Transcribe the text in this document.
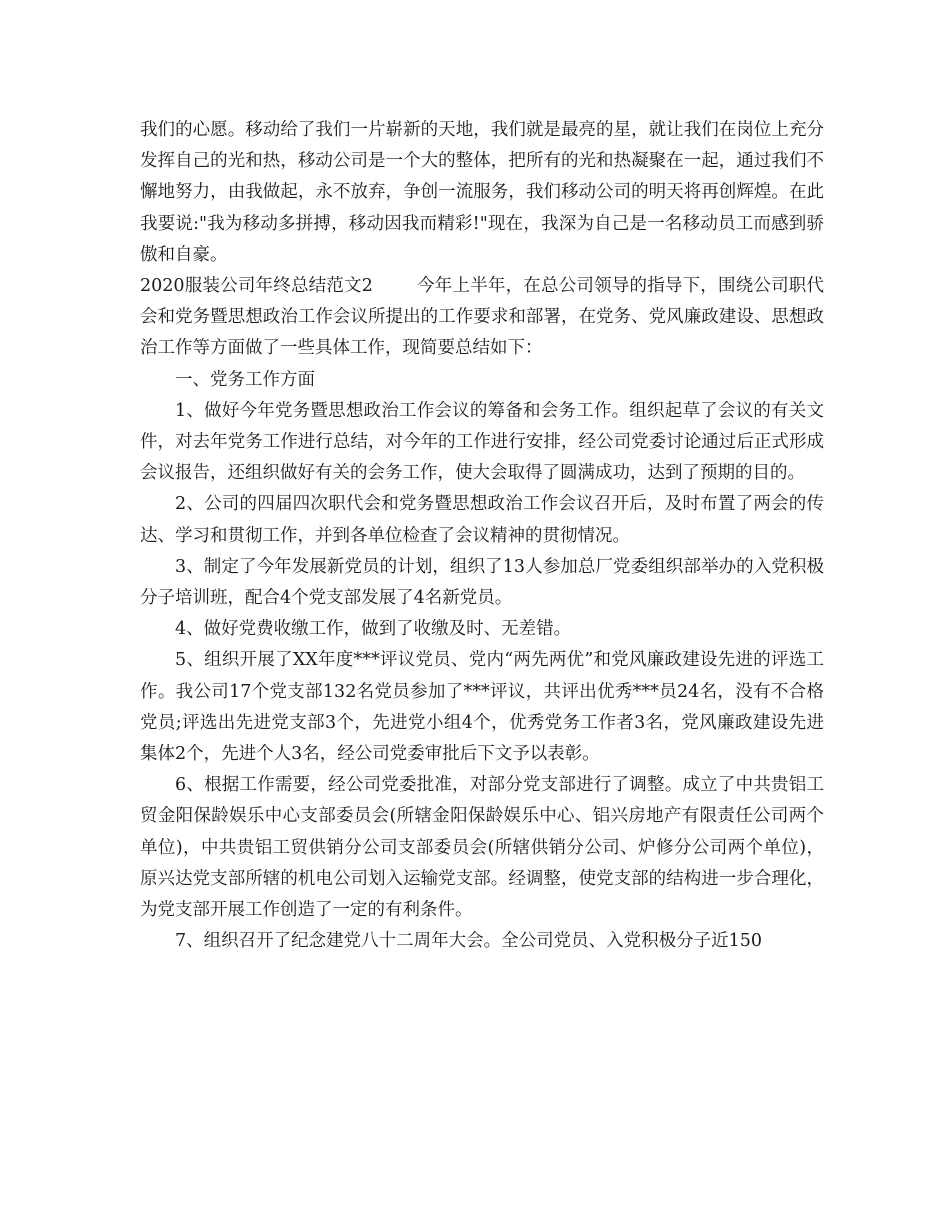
我们的心愿。移动给了我们一片崭新的天地，我们就是最亮的星，就让我们在岗位上充分发挥自己的光和热，移动公司是一个大的整体，把所有的光和热凝聚在一起，通过我们不懈地努力，由我做起，永不放弃，争创一流服务，我们移动公司的明天将再创辉煌。在此我要说:"我为移动多拼搏，移动因我而精彩!"现在，我深为自己是一名移动员工而感到骄傲和自豪。

2020服装公司年终总结范文2	今年上半年，在总公司领导的指导下，围绕公司职代会和党务暨思想政治工作会议所提出的工作要求和部署，在党务、党风廉政建设、思想政治工作等方面做了一些具体工作，现简要总结如下：

一、党务工作方面

1、做好今年党务暨思想政治工作会议的筹备和会务工作。组织起草了会议的有关文件，对去年党务工作进行总结，对今年的工作进行安排，经公司党委讨论通过后正式形成会议报告，还组织做好有关的会务工作，使大会取得了圆满成功，达到了预期的目的。

2、公司的四届四次职代会和党务暨思想政治工作会议召开后，及时布置了两会的传达、学习和贯彻工作，并到各单位检查了会议精神的贯彻情况。

3、制定了今年发展新党员的计划，组织了13人参加总厂党委组织部举办的入党积极分子培训班，配合4个党支部发展了4名新党员。

4、做好党费收缴工作，做到了收缴及时、无差错。

5、组织开展了XX年度***评议党员、党内“两先两优”和党风廉政建设先进的评选工作。我公司17个党支部132名党员参加了***评议，共评出优秀***员24名，没有不合格党员;评选出先进党支部3个，先进党小组4个，优秀党务工作者3名，党风廉政建设先进集体2个，先进个人3名，经公司党委审批后下文予以表彰。

6、根据工作需要，经公司党委批准，对部分党支部进行了调整。成立了中共贵铝工贸金阳保龄娱乐中心支部委员会(所辖金阳保龄娱乐中心、铝兴房地产有限责任公司两个单位)，中共贵铝工贸供销分公司支部委员会(所辖供销分公司、炉修分公司两个单位)，原兴达党支部所辖的机电公司划入运输党支部。经调整，使党支部的结构进一步合理化，为党支部开展工作创造了一定的有利条件。

7、组织召开了纪念建党八十二周年大会。全公司党员、入党积极分子近150
